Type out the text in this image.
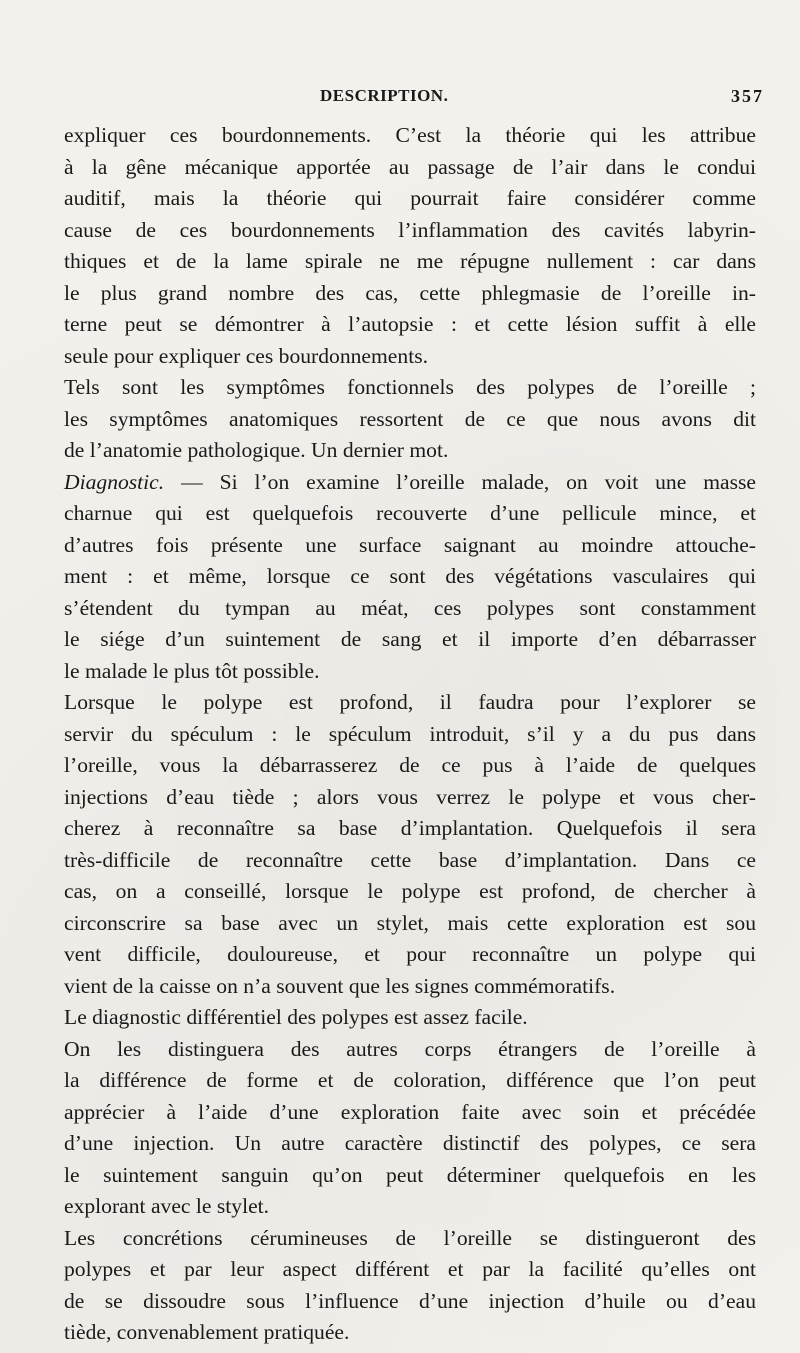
DESCRIPTION.	357

expliquer ces bourdonnements. C’est la théorie qui les attribue
à la gêne mécanique apportée au passage de l’air dans le condui
auditif, mais la théorie qui pourrait faire considérer comme
cause de ces bourdonnements l’inflammation des cavités labyrin-
thiques et de la lame spirale ne me répugne nullement : car dans
le plus grand nombre des cas, cette phlegmasie de l’oreille in-
terne peut se démontrer à l’autopsie : et cette lésion suffit à elle
seule pour expliquer ces bourdonnements.

Tels sont les symptômes fonctionnels des polypes de l’oreille ;
les symptômes anatomiques ressortent de ce que nous avons dit
de l’anatomie pathologique. Un dernier mot.

Diagnostic. — Si l’on examine l’oreille malade, on voit une masse
charnue qui est quelquefois recouverte d’une pellicule mince, et
d’autres fois présente une surface saignant au moindre attouche-
ment : et même, lorsque ce sont des végétations vasculaires qui
s’étendent du tympan au méat, ces polypes sont constamment
le siége d’un suintement de sang et il importe d’en débarrasser
le malade le plus tôt possible.

Lorsque le polype est profond, il faudra pour l’explorer se
servir du spéculum : le spéculum introduit, s’il y a du pus dans
l’oreille, vous la débarrasserez de ce pus à l’aide de quelques
injections d’eau tiède ; alors vous verrez le polype et vous cher-
cherez à reconnaître sa base d’implantation. Quelquefois il sera
très-difficile de reconnaître cette base d’implantation. Dans ce
cas, on a conseillé, lorsque le polype est profond, de chercher à
circonscrire sa base avec un stylet, mais cette exploration est sou
vent difficile, douloureuse, et pour reconnaître un polype qui
vient de la caisse on n’a souvent que les signes commémoratifs.

Le diagnostic différentiel des polypes est assez facile.

On les distinguera des autres corps étrangers de l’oreille à
la différence de forme et de coloration, différence que l’on peut
apprécier à l’aide d’une exploration faite avec soin et précédée
d’une injection. Un autre caractère distinctif des polypes, ce sera
le suintement sanguin qu’on peut déterminer quelquefois en les
explorant avec le stylet.

Les concrétions cérumineuses de l’oreille se distingueront des
polypes et par leur aspect différent et par la facilité qu’elles ont
de se dissoudre sous l’influence d’une injection d’huile ou d’eau
tiède, convenablement pratiquée.
